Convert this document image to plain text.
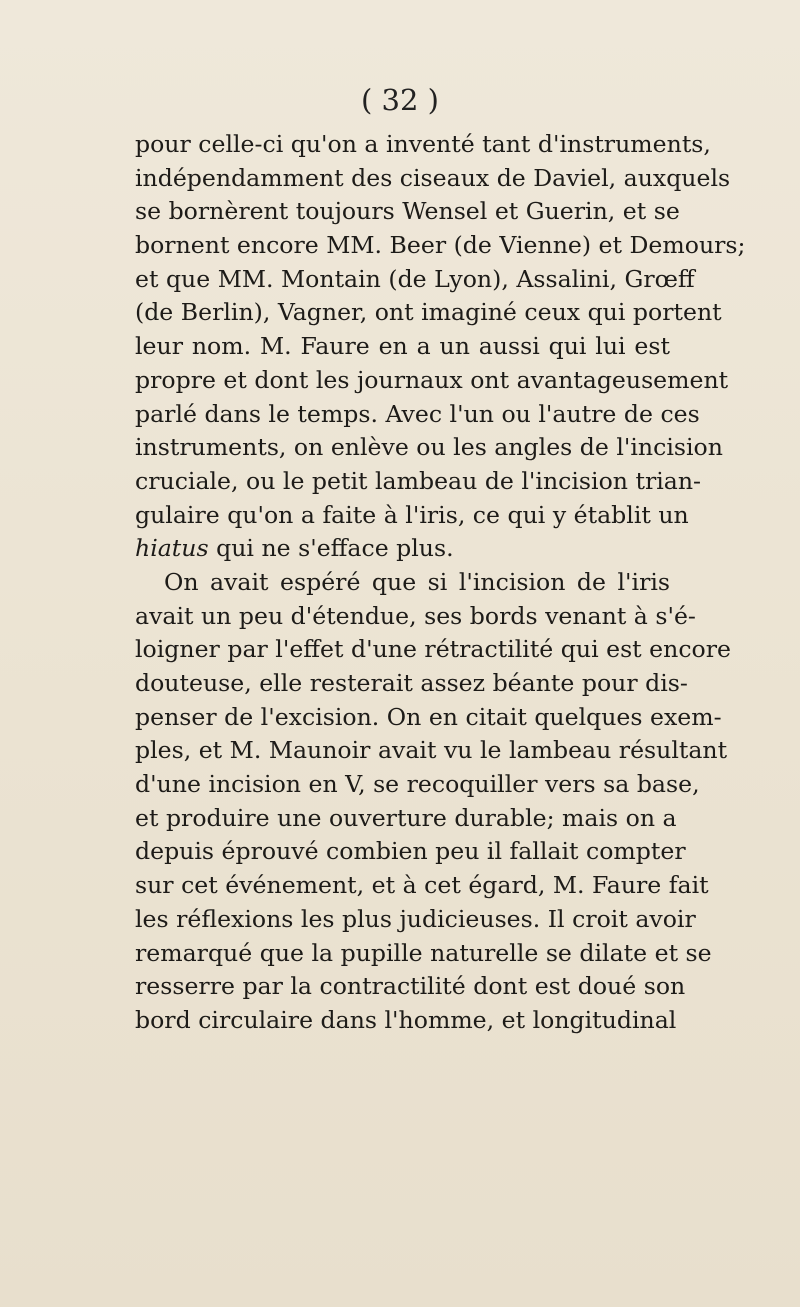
( 32 )
pour celle-ci qu'on a inventé tant d'instruments,
indépendamment des ciseaux de Daviel, auxquels
se bornèrent toujours Wensel et Guerin, et se
bornent encore MM. Beer (de Vienne) et Demours;
et que MM. Montain (de Lyon), Assalini, Grœff
(de Berlin), Vagner, ont imaginé ceux qui portent
leur nom. M. Faure en a un aussi qui lui est
propre et dont les journaux ont avantageusement
parlé dans le temps. Avec l'un ou l'autre de ces
instruments, on enlève ou les angles de l'incision
cruciale, ou le petit lambeau de l'incision trian-
gulaire qu'on a faite à l'iris, ce qui y établit un
hiatus qui ne s'efface plus.
On avait espéré que si l'incision de l'iris
avait un peu d'étendue, ses bords venant à s'é-
loigner par l'effet d'une rétractilité qui est encore
douteuse, elle resterait assez béante pour dis-
penser de l'excision. On en citait quelques exem-
ples, et M. Maunoir avait vu le lambeau résultant
d'une incision en V, se recoquiller vers sa base,
et produire une ouverture durable; mais on a
depuis éprouvé combien peu il fallait compter
sur cet événement, et à cet égard, M. Faure fait
les réflexions les plus judicieuses. Il croit avoir
remarqué que la pupille naturelle se dilate et se
resserre par la contractilité dont est doué son
bord circulaire dans l'homme, et longitudinal
